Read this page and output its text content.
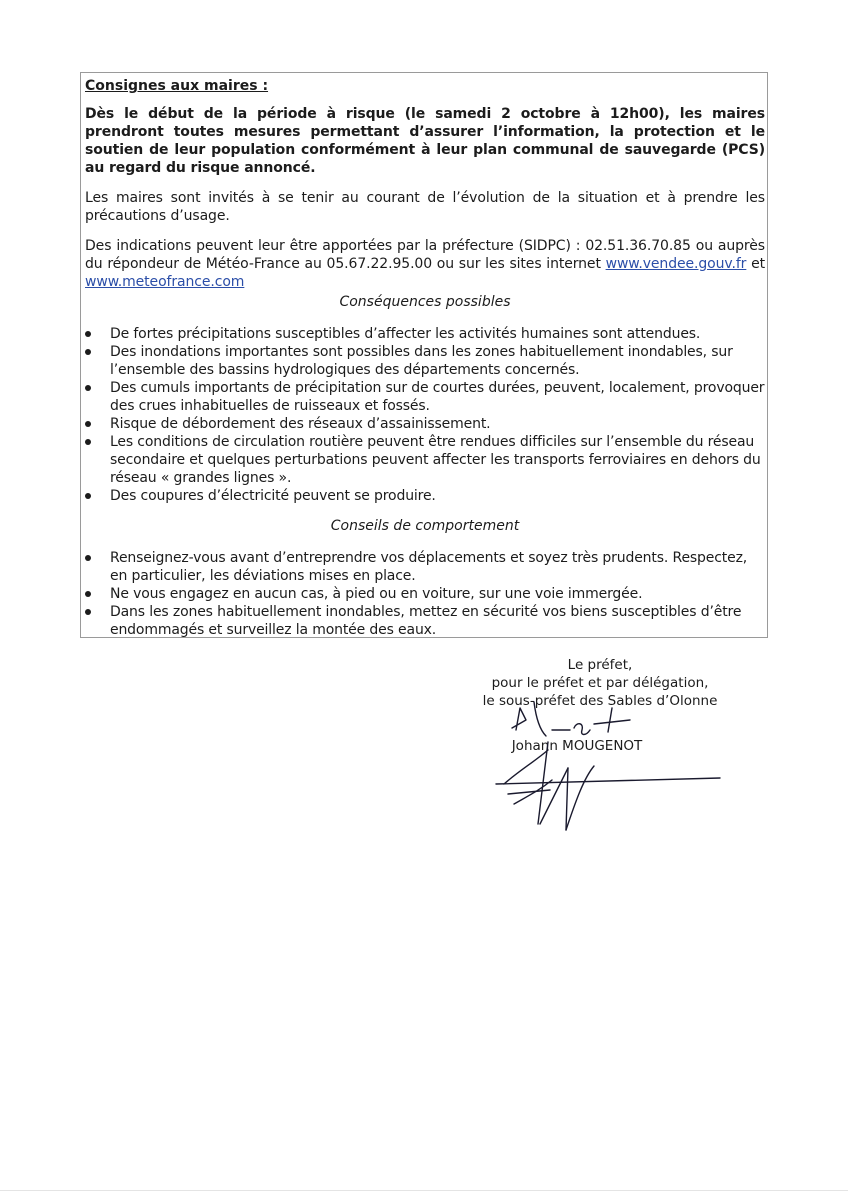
Consignes aux maires :

Dès le début de la période à risque (le samedi 2 octobre à 12h00), les maires prendront toutes mesures permettant d’assurer l’information, la protection et le soutien de leur population conformément à leur plan communal de sauvegarde (PCS) au regard du risque annoncé.

Les maires sont invités à se tenir au courant de l’évolution de la situation et à prendre les précautions d’usage.

Des indications peuvent leur être apportées par la préfecture (SIDPC) : 02.51.36.70.85 ou auprès du répondeur de Météo-France au 05.67.22.95.00 ou sur les sites internet www.vendee.gouv.fr et www.meteofrance.com

Conséquences possibles

De fortes précipitations susceptibles d’affecter les activités humaines sont attendues.
Des inondations importantes sont possibles dans les zones habituellement inondables, sur l’ensemble des bassins hydrologiques des départements concernés.
Des cumuls importants de précipitation sur de courtes durées, peuvent, localement, provoquer des crues inhabituelles de ruisseaux et fossés.
Risque de débordement des réseaux d’assainissement.
Les conditions de circulation routière peuvent être rendues difficiles sur l’ensemble du réseau secondaire et quelques perturbations peuvent affecter les transports ferroviaires en dehors du réseau « grandes lignes ».
Des coupures d’électricité peuvent se produire.

Conseils de comportement

Renseignez-vous avant d’entreprendre vos déplacements et soyez très prudents. Respectez, en particulier, les déviations mises en place.
Ne vous engagez en aucun cas, à pied ou en voiture, sur une voie immergée.
Dans les zones habituellement inondables, mettez en sécurité vos biens susceptibles d’être endommagés et surveillez la montée des eaux.
Le préfet,
pour le préfet et par délégation,
le sous-préfet des Sables d’Olonne
Johann MOUGENOT
